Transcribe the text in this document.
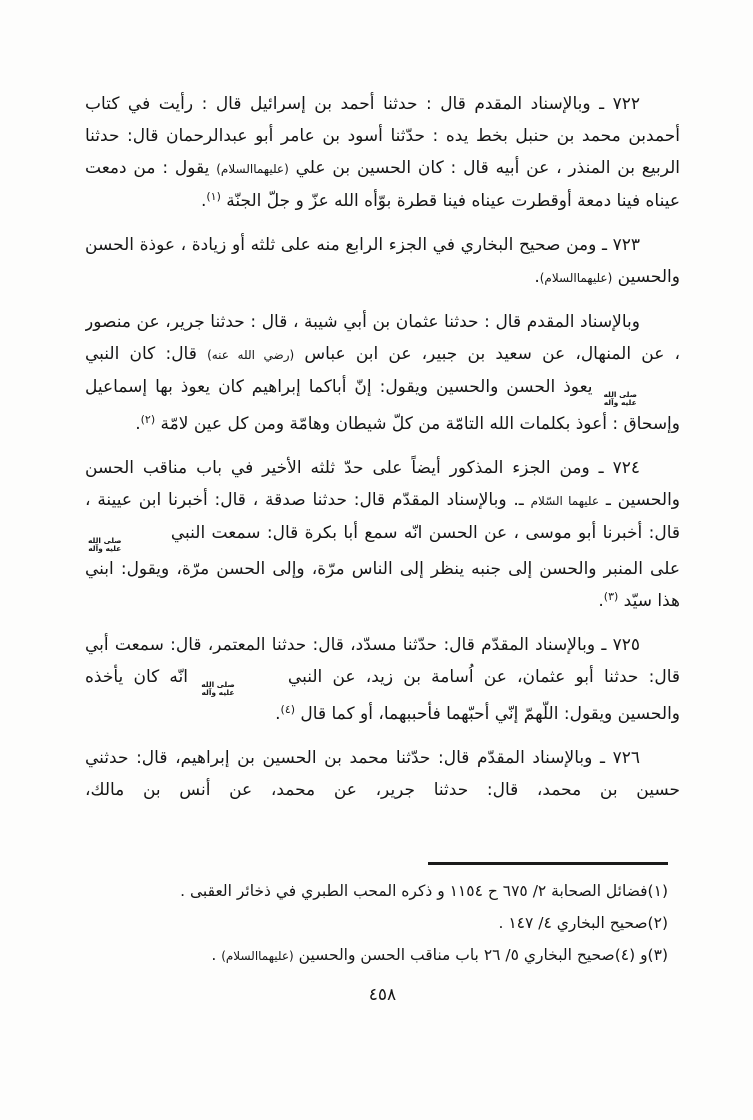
٧٢٢ ـ وبالإسناد المقدم قال : حدثنا أحمد بن إسرائيل قال : رأيت في كتاب أحمدبن محمد بن حنبل بخط يده : حدّثنا أسود بن عامر أبو عبدالرحمان قال: حدثنا الربيع بن المنذر ، عن أبيه قال : كان الحسين بن علي (عليهماالسلام) يقول : من دمعت عيناه فينا دمعة أوقطرت عيناه فينا قطرة بوّأه الله عزّ و جلّ الجنّة $^{(١)}$.
٧٢٣ ـ ومن صحيح البخاري في الجزء الرابع منه على ثلثه أو زيادة ، عوذة الحسن والحسين (عليهماالسلام).
وبالإسناد المقدم قال : حدثنا عثمان بن أبي شيبة ، قال : حدثنا جرير، عن منصور ، عن المنهال، عن سعيد بن جبير، عن ابن عباس (رضي الله عنه) قال: كان النبي
صلى الله
عليه وآله
يعوذ الحسن والحسين ويقول: إنّ أباكما إبراهيم كان يعوذ بها إسماعيل وإسحاق : أعوذ بكلمات الله التامّة من كلّ شيطان وهامّة ومن كل عين لامّة $^{(٢)}$.
٧٢٤ ـ ومن الجزء المذكور أيضاً على حدّ ثلثه الأخير في باب مناقب الحسن والحسين ـ عليهما السّلام ـ. وبالإسناد المقدّم قال: حدثنا صدقة ، قال: أخبرنا ابن عيينة ، قال: أخبرنا أبو موسى ، عن الحسن انّه سمع أبا بكرة قال: سمعت النبي
صلى الله
عليه وآله
على المنبر والحسن إلى جنبه ينظر إلى الناس مرّة، وإلى الحسن مرّة، ويقول: ابني هذا سيّد $^{(٣)}$.
٧٢٥ ـ وبالإسناد المقدّم قال: حدّثنا مسدّد، قال: حدثنا المعتمر، قال: سمعت أبي قال: حدثنا أبو عثمان، عن اُسامة بن زيد، عن النبي
صلى الله
عليه وآله
انّه كان يأخذه والحسين ويقول: اللّهمّ إنّي أحبّهما فأحببهما، أو كما قال $^{(٤)}$.
٧٢٦ ـ وبالإسناد المقدّم قال: حدّثنا محمد بن الحسين بن إبراهيم، قال: حدثني حسين بن محمد، قال: حدثنا جرير، عن محمد، عن أنس بن مالك،
(١)فضائل الصحابة ٢/ ٦٧٥ ح ١١٥٤ و ذكره المحب الطبري في ذخائر العقبى .
(٢)صحيح البخاري ٤/ ١٤٧ .
(٣)و (٤)صحيح البخاري ٥/ ٢٦ باب مناقب الحسن والحسين (عليهماالسلام) .
٤٥٨
